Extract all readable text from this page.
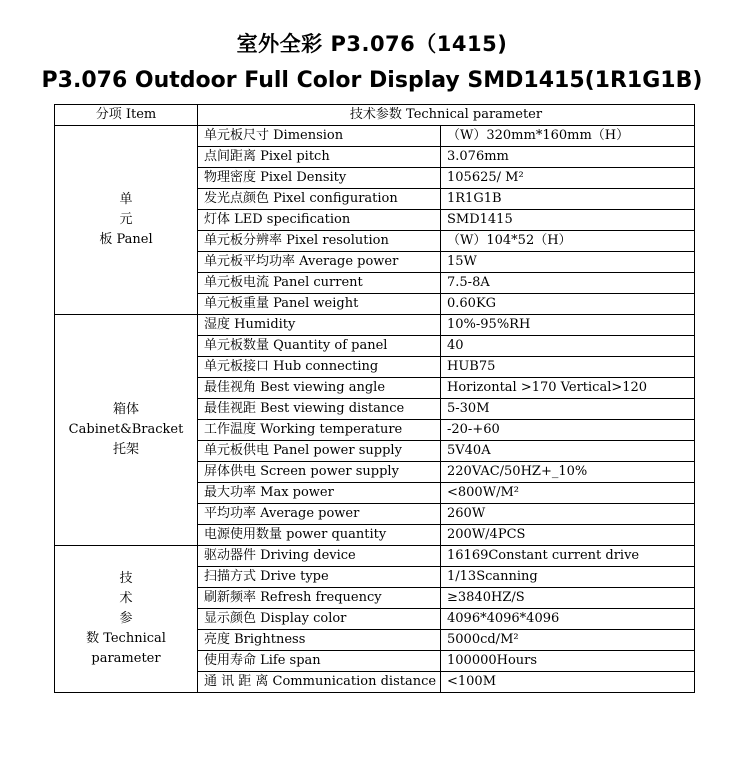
室外全彩 P3.076（1415)
P3.076 Outdoor Full Color Display SMD1415(1R1G1B)
分项 Item	技术参数 Technical parameter	

单
元
板 Panel	单元板尺寸 Dimension	（W）320mm*160mm（H）
	点间距离 Pixel pitch	3.076mm
	物理密度 Pixel Density	105625/ M²
	发光点颜色 Pixel configuration	1R1G1B
	灯体 LED specification	SMD1415
	单元板分辨率 Pixel resolution	（W）104*52（H）
	单元板平均功率 Average power	15W
	单元板电流 Panel current	7.5-8A
	单元板重量 Panel weight	0.60KG

箱体
Cabinet&Bracket
托架	湿度 Humidity	10%-95%RH
	单元板数量 Quantity of panel	40
	单元板接口 Hub connecting	HUB75
	最佳视角 Best viewing angle	Horizontal >170 Vertical>120
	最佳视距 Best viewing distance	5-30M
	工作温度 Working temperature	-20-+60
	单元板供电 Panel power supply	5V40A
	屏体供电 Screen power supply	220VAC/50HZ+_10%
	最大功率 Max power	<800W/M²
	平均功率 Average power	260W
	电源使用数量 power quantity	200W/4PCS

技
术
参
数 Technical
parameter	驱动器件 Driving device	16169Constant current drive
	扫描方式 Drive type	1/13Scanning
	刷新频率 Refresh frequency	≥3840HZ/S
	显示颜色 Display color	4096*4096*4096
	亮度 Brightness	5000cd/M²
	使用寿命 Life span	100000Hours
	通 讯 距 离 Communication distance	<100M
